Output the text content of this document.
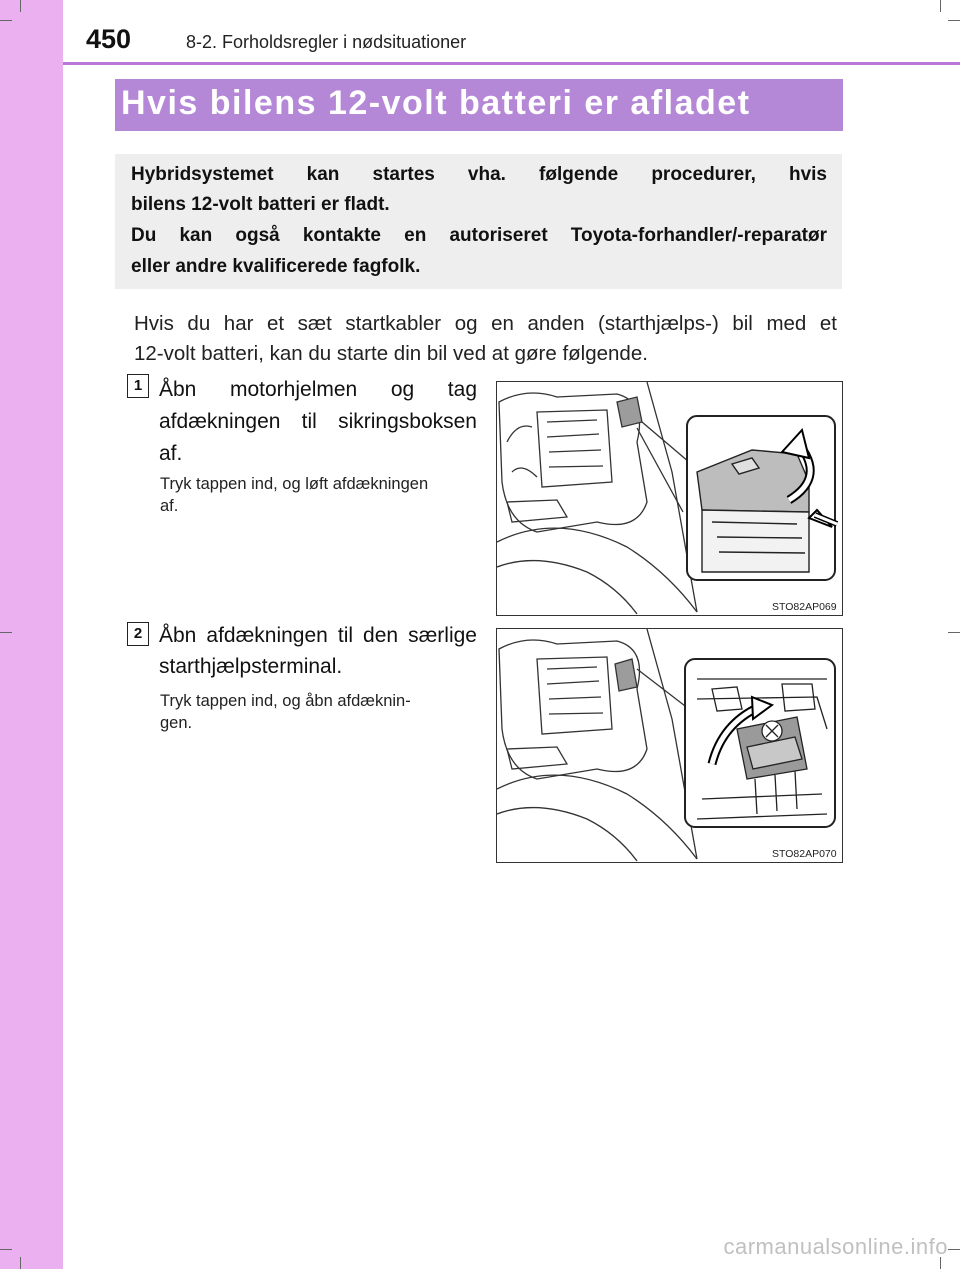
450	8-2. Forholdsregler i nødsituationer
Hvis bilens 12-volt batteri er afladet
Hybridsystemet kan startes vha. følgende procedurer, hvis
bilens 12-volt batteri er fladt.
Du kan også kontakte en autoriseret Toyota-forhandler/-reparatør
eller andre kvalificerede fagfolk.
Hvis du har et sæt startkabler og en anden (starthjælps-) bil med et
12-volt batteri, kan du starte din bil ved at gøre følgende.
1 Åbn motorhjelmen og tag
afdækningen til sikringsboksen
af.
Tryk tappen ind, og løft afdækningen
af.
STO82AP069
2 Åbn afdækningen til den særlige
starthjælpsterminal.
Tryk tappen ind, og åbn afdæknin-
gen.
STO82AP070
carmanualsonline.info
